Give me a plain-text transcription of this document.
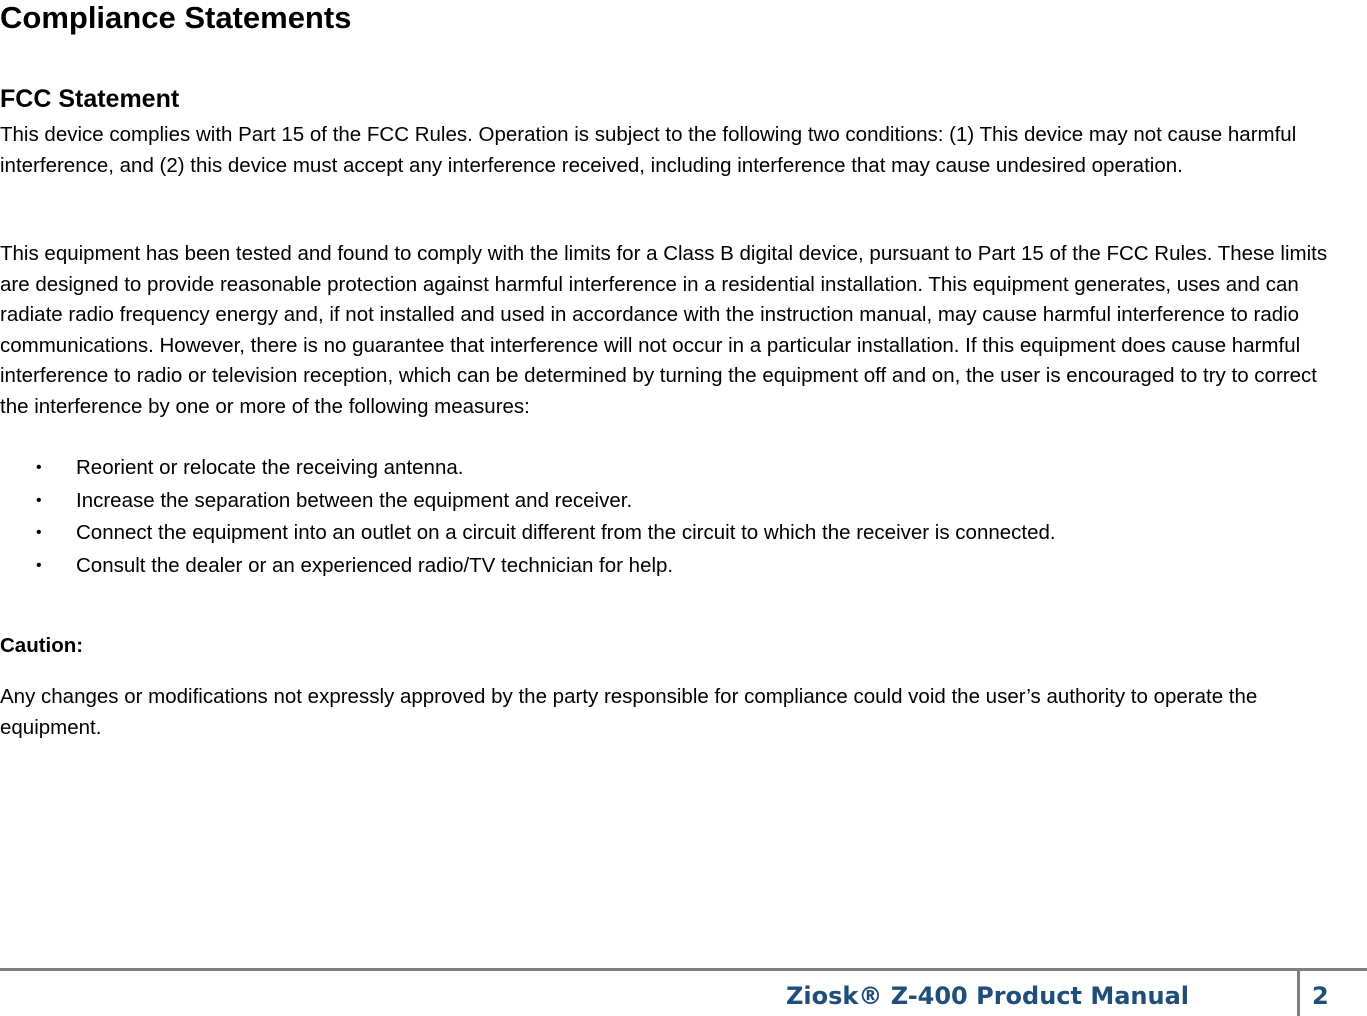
Compliance Statements
FCC Statement

This device complies with Part 15 of the FCC Rules. Operation is subject to the following two conditions: (1) This device may not cause harmful interference, and (2) this device must accept any interference received, including interference that may cause undesired operation.

This equipment has been tested and found to comply with the limits for a Class B digital device, pursuant to Part 15 of the FCC Rules. These limits are designed to provide reasonable protection against harmful interference in a residential installation. This equipment generates, uses and can radiate radio frequency energy and, if not installed and used in accordance with the instruction manual, may cause harmful interference to radio communications. However, there is no guarantee that interference will not occur in a particular installation. If this equipment does cause harmful interference to radio or television reception, which can be determined by turning the equipment off and on, the user is encouraged to try to correct the interference by one or more of the following measures:

• Reorient or relocate the receiving antenna.
• Increase the separation between the equipment and receiver.
• Connect the equipment into an outlet on a circuit different from the circuit to which the receiver is connected.
• Consult the dealer or an experienced radio/TV technician for help.
Caution:

Any changes or modifications not expressly approved by the party responsible for compliance could void the user’s authority to operate the equipment.

Ziosk® Z-400 Product Manual	2
